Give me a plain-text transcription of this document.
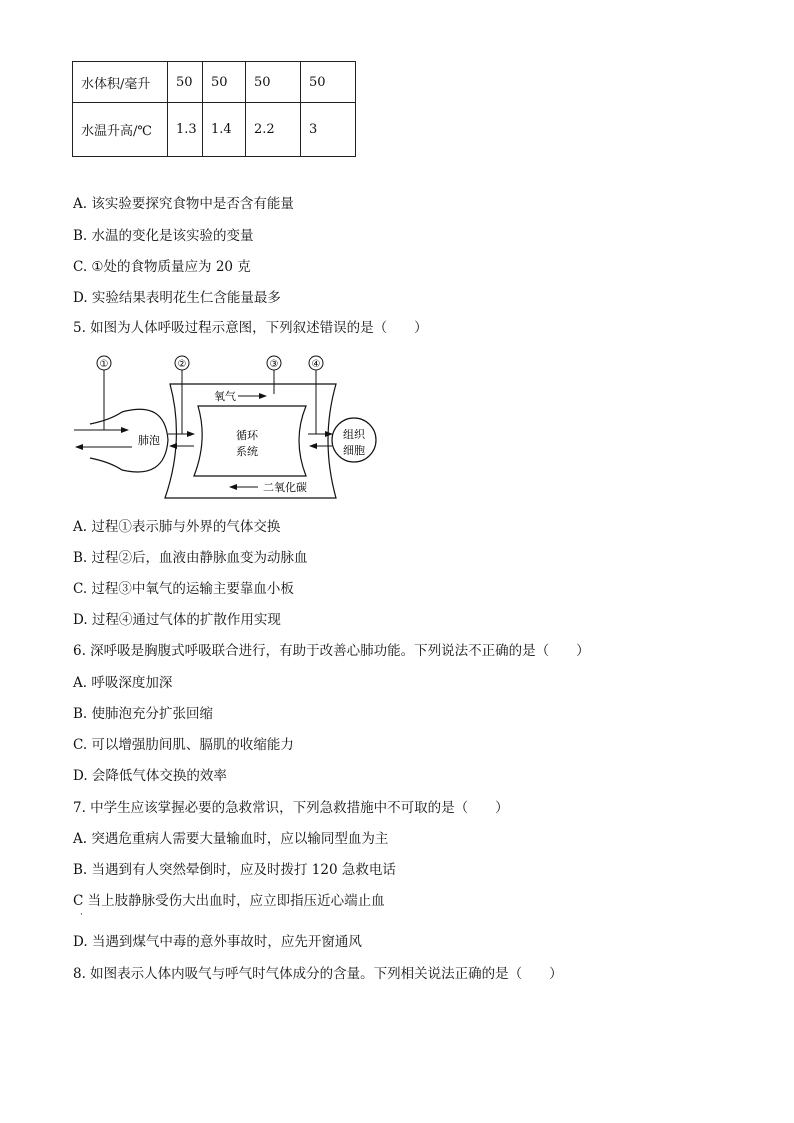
水体积/毫升	50	50	50	50
水温升高/℃	1.3	1.4	2.2	3
A. 该实验要探究食物中是否含有能量
B. 水温的变化是该实验的变量
C. ①处的食物质量应为 20 克
D. 实验结果表明花生仁含能量最多
5. 如图为人体呼吸过程示意图，下列叙述错误的是（　　）
①	②	③	④
氧气
二氧化碳
肺泡	循环
系统
组织
细胞
A. 过程①表示肺与外界的气体交换
B. 过程②后，血液由静脉血变为动脉血
C. 过程③中氧气的运输主要靠血小板
D. 过程④通过气体的扩散作用实现
6. 深呼吸是胸腹式呼吸联合进行，有助于改善心肺功能。下列说法不正确的是（　　）
A. 呼吸深度加深
B. 使肺泡充分扩张回缩
C. 可以增强肋间肌、膈肌的收缩能力
D. 会降低气体交换的效率
7. 中学生应该掌握必要的急救常识，下列急救措施中不可取的是（　　）
A. 突遇危重病人需要大量输血时，应以输同型血为主
B. 当遇到有人突然晕倒时，应及时拨打 120 急救电话
C 当上肢静脉受伤大出血时，应立即指压近心端止血
·
D. 当遇到煤气中毒的意外事故时，应先开窗通风
8. 如图表示人体内吸气与呼气时气体成分的含量。下列相关说法正确的是（　　）
